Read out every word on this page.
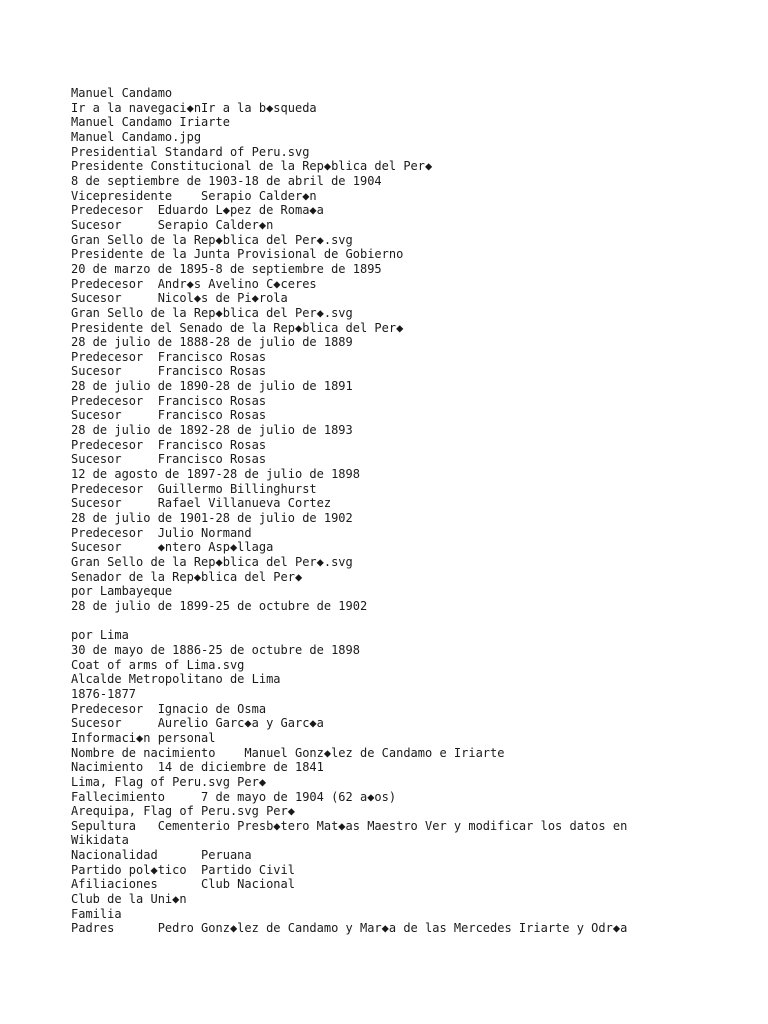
Manuel Candamo
Ir a la navegaci◆nIr a la b◆squeda
Manuel Candamo Iriarte
Manuel Candamo.jpg
Presidential Standard of Peru.svg
Presidente Constitucional de la Rep◆blica del Per◆
8 de septiembre de 1903-18 de abril de 1904
Vicepresidente    Serapio Calder◆n
Predecesor  Eduardo L◆pez de Roma◆a
Sucesor     Serapio Calder◆n
Gran Sello de la Rep◆blica del Per◆.svg
Presidente de la Junta Provisional de Gobierno
20 de marzo de 1895-8 de septiembre de 1895
Predecesor  Andr◆s Avelino C◆ceres
Sucesor     Nicol◆s de Pi◆rola
Gran Sello de la Rep◆blica del Per◆.svg
Presidente del Senado de la Rep◆blica del Per◆
28 de julio de 1888-28 de julio de 1889
Predecesor  Francisco Rosas
Sucesor     Francisco Rosas
28 de julio de 1890-28 de julio de 1891
Predecesor  Francisco Rosas
Sucesor     Francisco Rosas
28 de julio de 1892-28 de julio de 1893
Predecesor  Francisco Rosas
Sucesor     Francisco Rosas
12 de agosto de 1897-28 de julio de 1898
Predecesor  Guillermo Billinghurst
Sucesor     Rafael Villanueva Cortez
28 de julio de 1901-28 de julio de 1902
Predecesor  Julio Normand
Sucesor     ◆ntero Asp◆llaga
Gran Sello de la Rep◆blica del Per◆.svg
Senador de la Rep◆blica del Per◆
por Lambayeque
28 de julio de 1899-25 de octubre de 1902
por Lima
30 de mayo de 1886-25 de octubre de 1898
Coat of arms of Lima.svg
Alcalde Metropolitano de Lima
1876-1877
Predecesor  Ignacio de Osma
Sucesor     Aurelio Garc◆a y Garc◆a
Informaci◆n personal
Nombre de nacimiento    Manuel Gonz◆lez de Candamo e Iriarte
Nacimiento  14 de diciembre de 1841
Lima, Flag of Peru.svg Per◆
Fallecimiento     7 de mayo de 1904 (62 a◆os)
Arequipa, Flag of Peru.svg Per◆
Sepultura   Cementerio Presb◆tero Mat◆as Maestro Ver y modificar los datos en
Wikidata
Nacionalidad      Peruana
Partido pol◆tico  Partido Civil
Afiliaciones      Club Nacional
Club de la Uni◆n
Familia
Padres      Pedro Gonz◆lez de Candamo y Mar◆a de las Mercedes Iriarte y Odr◆a
